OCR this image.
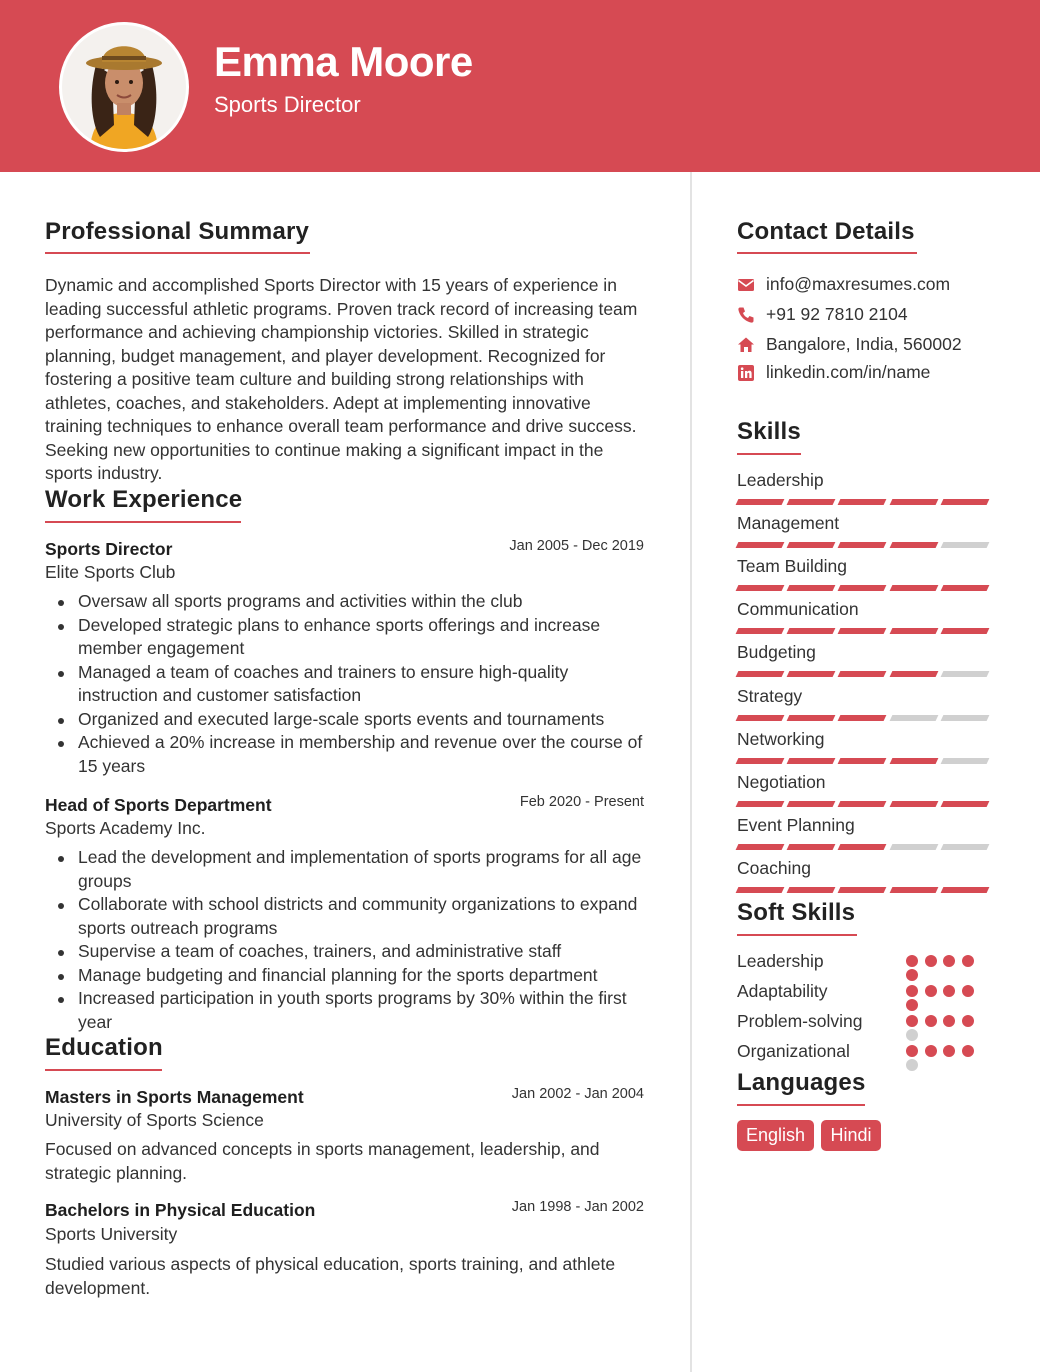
Emma Moore
Sports Director
Professional Summary
Dynamic and accomplished Sports Director with 15 years of experience in leading successful athletic programs. Proven track record of increasing team performance and achieving championship victories. Skilled in strategic planning, budget management, and player development. Recognized for fostering a positive team culture and building strong relationships with athletes, coaches, and stakeholders. Adept at implementing innovative training techniques to enhance overall team performance and drive success. Seeking new opportunities to continue making a significant impact in the sports industry.
Work Experience
Sports Director	Jan 2005 - Dec 2019
Elite Sports Club
Oversaw all sports programs and activities within the club
Developed strategic plans to enhance sports offerings and increase member engagement
Managed a team of coaches and trainers to ensure high-quality instruction and customer satisfaction
Organized and executed large-scale sports events and tournaments
Achieved a 20% increase in membership and revenue over the course of 15 years
Head of Sports Department	Feb 2020 - Present
Sports Academy Inc.
Lead the development and implementation of sports programs for all age groups
Collaborate with school districts and community organizations to expand sports outreach programs
Supervise a team of coaches, trainers, and administrative staff
Manage budgeting and financial planning for the sports department
Increased participation in youth sports programs by 30% within the first year
Education
Masters in Sports Management	Jan 2002 - Jan 2004
University of Sports Science
Focused on advanced concepts in sports management, leadership, and strategic planning.
Bachelors in Physical Education	Jan 1998 - Jan 2002
Sports University
Studied various aspects of physical education, sports training, and athlete development.
Contact Details
info@maxresumes.com
+91 92 7810 2104
Bangalore, India, 560002
linkedin.com/in/name
Skills
Leadership
Management
Team Building
Communication
Budgeting
Strategy
Networking
Negotiation
Event Planning
Coaching
Soft Skills
Leadership
Adaptability
Problem-solving
Organizational
Languages
English	Hindi
